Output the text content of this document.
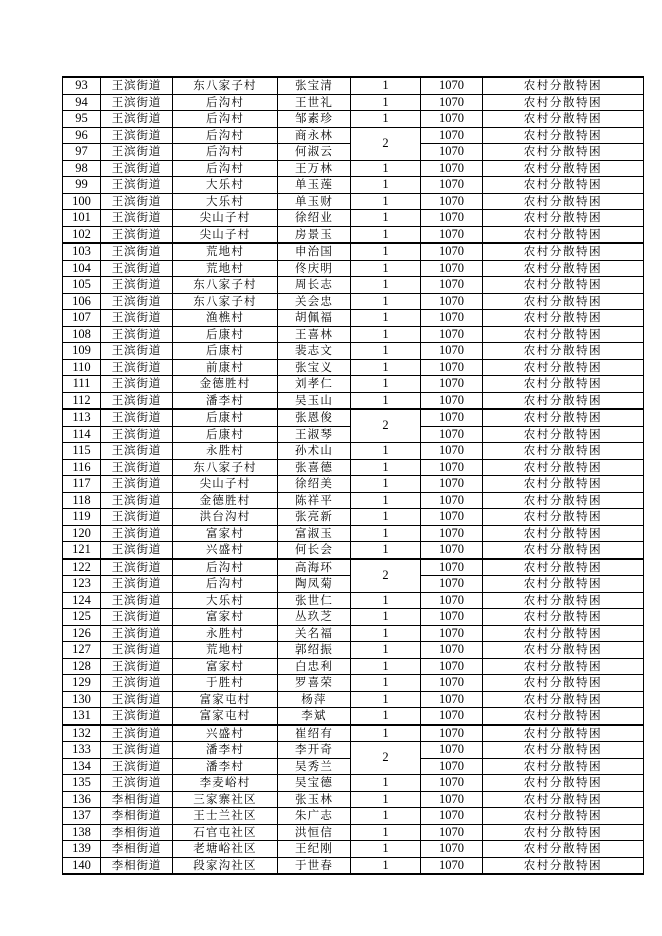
93	王滨街道	东八家子村	张宝清	1	1070	农村分散特困
94	王滨街道	后沟村	王世礼	1	1070	农村分散特困
95	王滨街道	后沟村	邹素珍	1	1070	农村分散特困
96	王滨街道	后沟村	商永林	2	1070	农村分散特困
97	王滨街道	后沟村	何淑云		1070	农村分散特困
98	王滨街道	后沟村	王万林	1	1070	农村分散特困
99	王滨街道	大乐村	单玉莲	1	1070	农村分散特困
100	王滨街道	大乐村	单玉财	1	1070	农村分散特困
101	王滨街道	尖山子村	徐绍业	1	1070	农村分散特困
102	王滨街道	尖山子村	房景玉	1	1070	农村分散特困
103	王滨街道	荒地村	申治国	1	1070	农村分散特困
104	王滨街道	荒地村	佟庆明	1	1070	农村分散特困
105	王滨街道	东八家子村	周长志	1	1070	农村分散特困
106	王滨街道	东八家子村	关会忠	1	1070	农村分散特困
107	王滨街道	渔樵村	胡佩福	1	1070	农村分散特困
108	王滨街道	后康村	王喜林	1	1070	农村分散特困
109	王滨街道	后康村	裴志文	1	1070	农村分散特困
110	王滨街道	前康村	张宝义	1	1070	农村分散特困
111	王滨街道	金德胜村	刘孝仁	1	1070	农村分散特困
112	王滨街道	潘李村	吴玉山	1	1070	农村分散特困
113	王滨街道	后康村	张恩俊	2	1070	农村分散特困
114	王滨街道	后康村	王淑琴		1070	农村分散特困
115	王滨街道	永胜村	孙术山	1	1070	农村分散特困
116	王滨街道	东八家子村	张喜德	1	1070	农村分散特困
117	王滨街道	尖山子村	徐绍美	1	1070	农村分散特困
118	王滨街道	金德胜村	陈祥平	1	1070	农村分散特困
119	王滨街道	洪台沟村	张亮新	1	1070	农村分散特困
120	王滨街道	富家村	富淑玉	1	1070	农村分散特困
121	王滨街道	兴盛村	何长会	1	1070	农村分散特困
122	王滨街道	后沟村	高海环	2	1070	农村分散特困
123	王滨街道	后沟村	陶凤菊		1070	农村分散特困
124	王滨街道	大乐村	张世仁	1	1070	农村分散特困
125	王滨街道	富家村	丛玖芝	1	1070	农村分散特困
126	王滨街道	永胜村	关名福	1	1070	农村分散特困
127	王滨街道	荒地村	郭绍振	1	1070	农村分散特困
128	王滨街道	富家村	白忠利	1	1070	农村分散特困
129	王滨街道	于胜村	罗喜荣	1	1070	农村分散特困
130	王滨街道	富家屯村	杨萍	1	1070	农村分散特困
131	王滨街道	富家屯村	李斌	1	1070	农村分散特困
132	王滨街道	兴盛村	崔绍有	1	1070	农村分散特困
133	王滨街道	潘李村	李开奇	2	1070	农村分散特困
134	王滨街道	潘李村	吴秀兰		1070	农村分散特困
135	王滨街道	李麦峪村	吴宝德	1	1070	农村分散特困
136	李相街道	三家寨社区	张玉林	1	1070	农村分散特困
137	李相街道	王士兰社区	朱广志	1	1070	农村分散特困
138	李相街道	石官屯社区	洪恒信	1	1070	农村分散特困
139	李相街道	老塘峪社区	王纪刚	1	1070	农村分散特困
140	李相街道	段家沟社区	于世春	1	1070	农村分散特困
